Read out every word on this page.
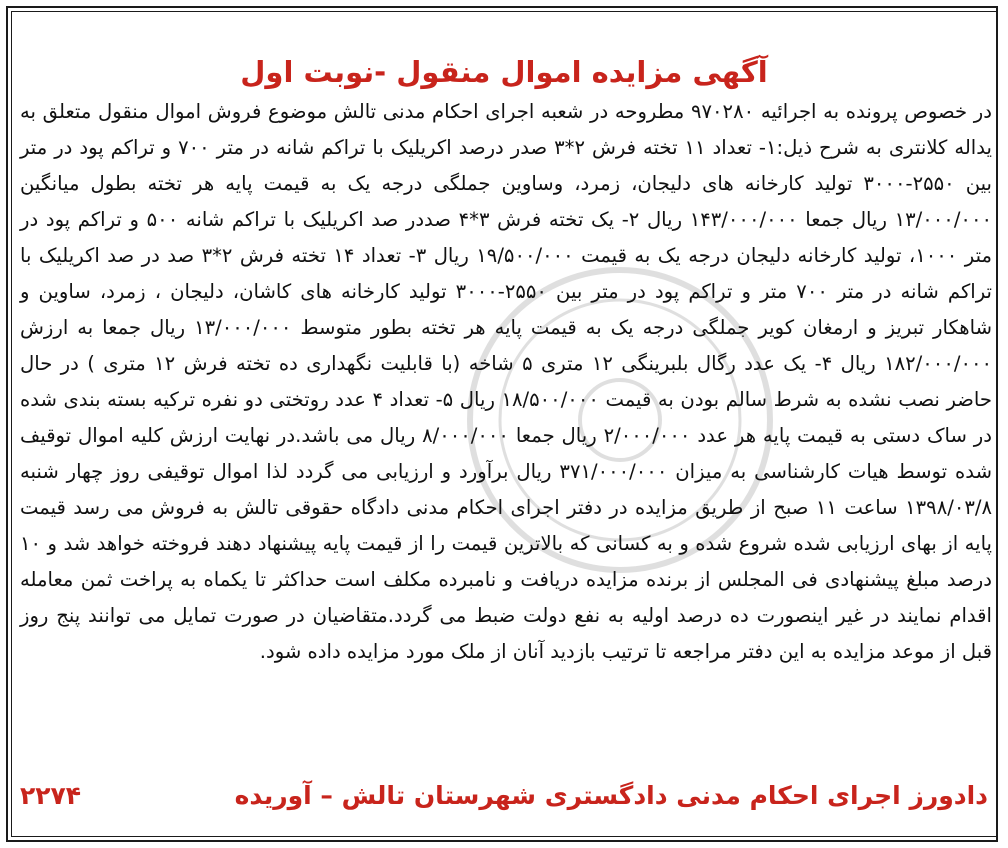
آگهی مزایده اموال منقول -نوبت اول
در خصوص پرونده به اجرائیه ۹۷۰۲۸۰ مطروحه در شعبه اجرای احکام مدنی تالش موضوع فروش اموال منقول متعلق به یداله کلانتری به شرح ذیل:۱- تعداد ۱۱ تخته فرش ۲*۳ صدر درصد اکریلیک با تراکم شانه در متر ۷۰۰ و تراکم پود در متر بین ۲۵۵۰-۳۰۰۰ تولید کارخانه های دلیجان، زمرد، وساوین جملگی درجه یک به قیمت پایه هر تخته بطول میانگین ۱۳/۰۰۰/۰۰۰ ریال جمعا ۱۴۳/۰۰۰/۰۰۰ ریال ۲- یک تخته فرش ۳*۴ صددر صد اکریلیک با تراکم شانه ۵۰۰ و تراکم پود در متر ۱۰۰۰، تولید کارخانه دلیجان درجه یک به قیمت ۱۹/۵۰۰/۰۰۰ ریال ۳- تعداد ۱۴ تخته فرش ۲*۳ صد در صد اکریلیک با تراکم شانه در متر ۷۰۰ متر و تراکم پود در متر بین ۲۵۵۰-۳۰۰۰ تولید کارخانه های کاشان، دلیجان ، زمرد، ساوین و شاهکار تبریز و ارمغان کویر جملگی درجه یک به قیمت پایه هر تخته بطور متوسط ۱۳/۰۰۰/۰۰۰ ریال جمعا به ارزش ۱۸۲/۰۰۰/۰۰۰ ریال ۴- یک عدد رگال بلبرینگی ۱۲ متری ۵ شاخه (با قابلیت نگهداری ده تخته فرش ۱۲ متری ) در حال حاضر نصب نشده به شرط سالم بودن به قیمت ۱۸/۵۰۰/۰۰۰ ریال ۵- تعداد ۴ عدد روتختی دو نفره ترکیه بسته بندی شده در ساک دستی به قیمت پایه هر عدد ۲/۰۰۰/۰۰۰ ریال جمعا ۸/۰۰۰/۰۰۰ ریال می باشد.در نهایت ارزش کلیه اموال توقیف شده توسط هیات کارشناسی به میزان ۳۷۱/۰۰۰/۰۰۰ ریال برآورد و ارزیابی می گردد لذا اموال توقیفی روز چهار شنبه ۱۳۹۸/۰۳/۸ ساعت ۱۱ صبح از طریق مزایده در دفتر اجرای احکام مدنی دادگاه حقوقی تالش به فروش می رسد قیمت پایه از بهای ارزیابی شده شروع شده و به کسانی که بالاترین قیمت را از قیمت پایه پیشنهاد دهند فروخته خواهد شد و ۱۰ درصد مبلغ پیشنهادی فی المجلس از برنده مزایده دریافت و نامبرده مکلف است حداکثر تا یکماه به پراخت ثمن معامله اقدام نمایند در غیر اینصورت ده درصد اولیه به نفع دولت ضبط می گردد.متقاضیان در صورت تمایل می توانند پنج روز قبل از موعد مزایده به این دفتر مراجعه تا ترتیب بازدید آنان از ملک مورد مزایده داده شود.
دادورز اجرای احکام مدنی دادگستری شهرستان تالش – آوریده
۲۲۷۴
